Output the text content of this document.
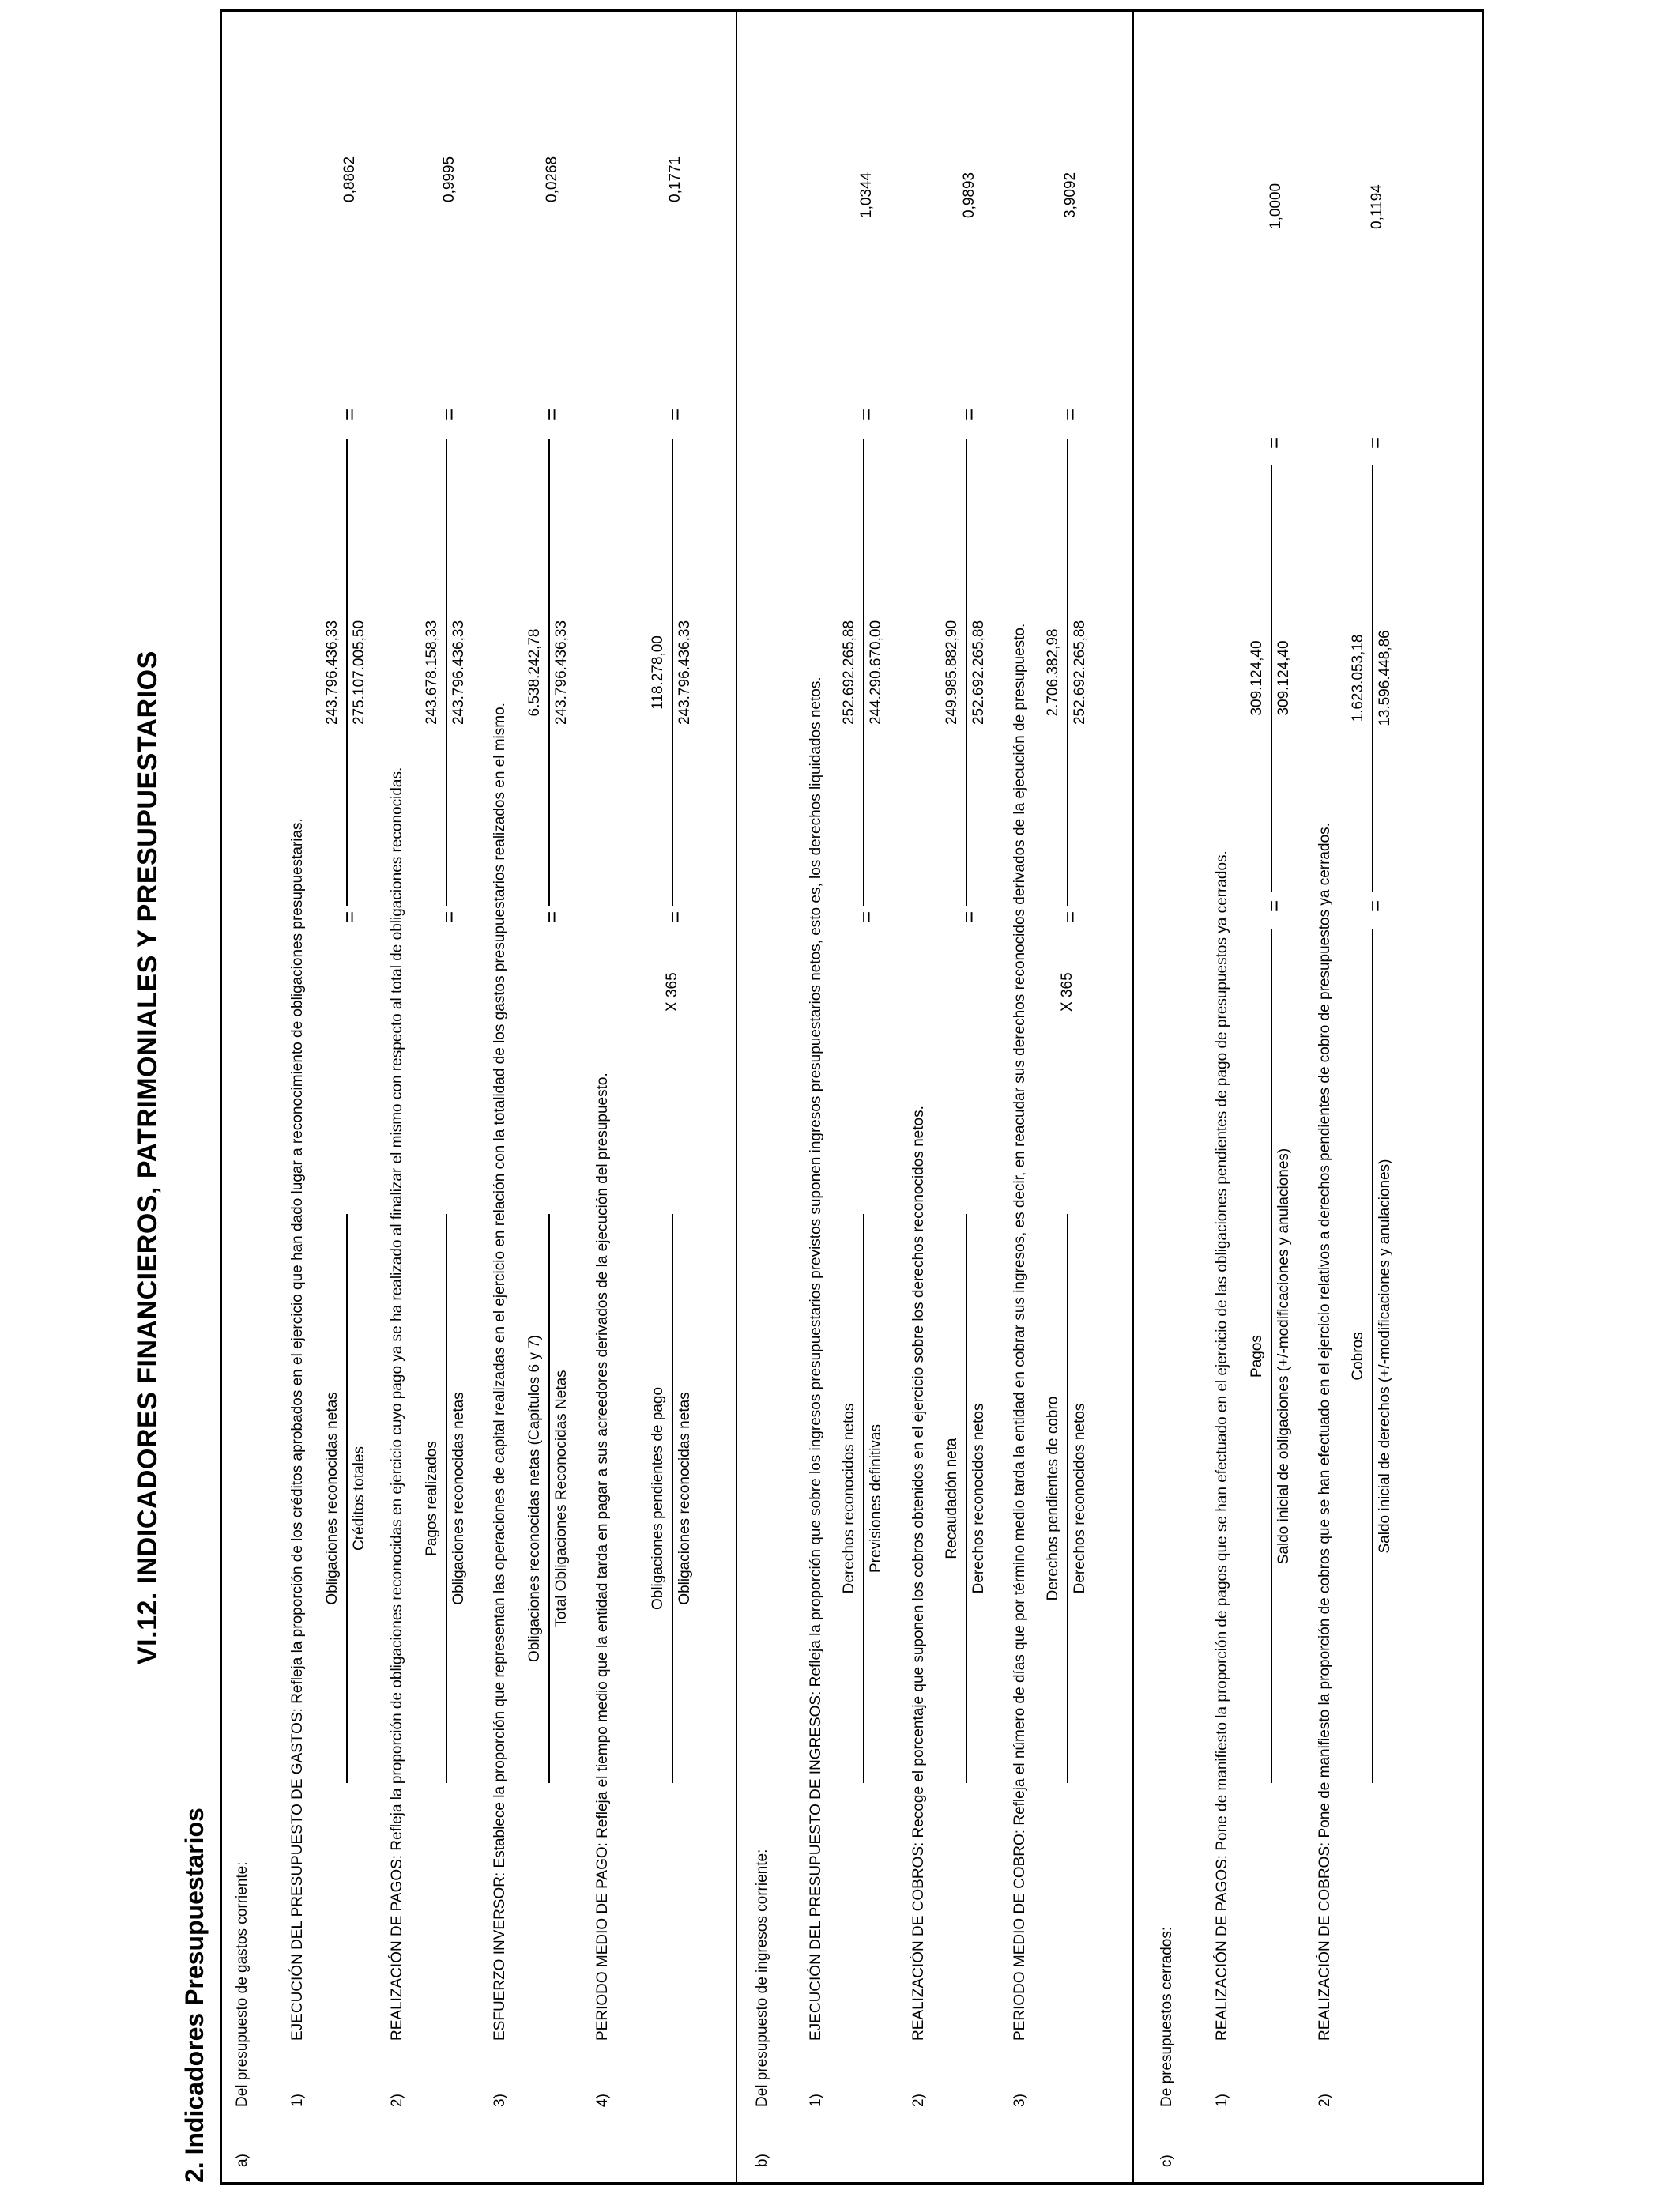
VI.12. INDICADORES FINANCIEROS, PATRIMONIALES Y PRESUPUESTARIOS
2. Indicadores Presupuestarios a)
Del presupuesto de gastos corriente:	1)
EJECUCIÓN DEL PRESUPUESTO DE GASTOS: Refleja la proporción de los créditos aprobados en el ejercicio que han dado lugar a reconocimiento de obligaciones presupuestarias. Obligaciones reconocidas netas Créditos totales
=
243.796.436,33 275.107.005,50
=
0,8862
2)
REALIZACIÓN DE PAGOS: Refleja la proporción de obligaciones reconocidas en ejercicio cuyo pago ya se ha realizado al finalizar el mismo con respecto al total de obligaciones reconocidas. Pagos realizados Obligaciones reconocidas netas
=
243.678.158,33 243.796.436,33
=
0,9995
3)
ESFUERZO INVERSOR: Establece la proporción que representan las operaciones de capital realizadas en el ejercicio en relación con la totalidad de los gastos presupuestarios realizados en el mismo. Obligaciones reconocidas netas (Capítulos 6 y 7) Total Obligaciones Reconocidas Netas
=
6.538.242,78 243.796.436,33
=
0,0268
4)
PERIODO MEDIO DE PAGO: Refleja el tiempo medio que la entidad tarda en pagar a sus acreedores derivados de la ejecución del presupuesto.	Obligaciones pendientes de pago Obligaciones reconocidas netas
X 365
=
118.278,00 243.796.436,33
=
0,1771
b)
Del presupuesto de ingresos corriente: 1)
EJECUCIÓN DEL PRESUPUESTO DE INGRESOS: Refleja la proporción que sobre los ingresos presupuestarios previstos suponen ingresos presupuestarios netos, esto es, los derechos liquidados netos. Derechos reconocidos netos Previsiones definitivas
=
252.692.265,88 244.290.670,00
=
1,0344
2)
REALIZACIÓN DE COBROS: Recoge el porcentaje que suponen los cobros obtenidos en el ejercicio sobre los derechos reconocidos netos. Recaudación neta Derechos reconocidos netos
=
249.985.882,90 252.692.265,88
=
0,9893
3)
PERIODO MEDIO DE COBRO: Refleja el número de días que por término medio tarda la entidad en cobrar sus ingresos, es decir, en reacudar sus derechos reconocidos derivados de la ejecución de presupuesto. Derechos pendientes de cobro Derechos reconocidos netos
X 365
=
2.706.382,98 252.692.265,88
=
3,9092
c)
De presupuestos cerrados:	1)
REALIZACIÓN DE PAGOS: Pone de manifiesto la proporción de pagos que se han efectuado en el ejercicio de las obligaciones pendientes de pago de presupuestos ya cerrados. Pagos Saldo inicial de obligaciones (+/-modificaciones y anulaciones)
=
309.124,40 309.124,40
=
1,0000
2)
REALIZACIÓN DE COBROS: Pone de manifiesto la proporción de cobros que se han efectuado en el ejercicio relativos a derechos pendientes de cobro de presupuestos ya cerrados. Cobros Saldo inicial de derechos (+/-modificaciones y anulaciones)
=
1.623.053,18 13.596.448,86
=
0,1194
